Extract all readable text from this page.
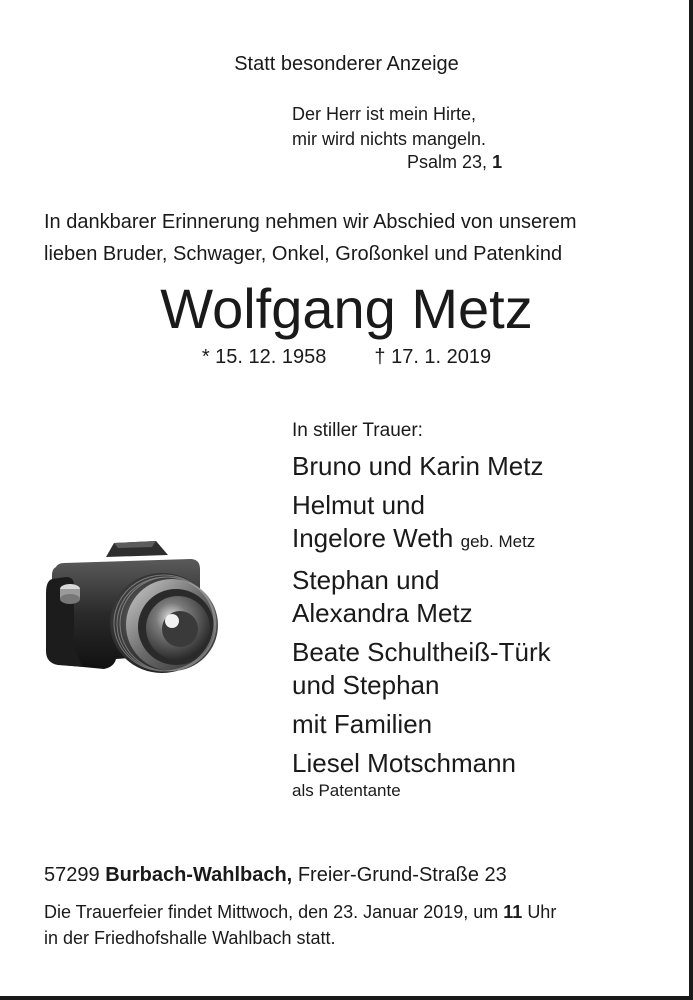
Statt besonderer Anzeige
Der Herr ist mein Hirte,
mir wird nichts mangeln.
Psalm 23, 1
In dankbarer Erinnerung nehmen wir Abschied von unserem
lieben Bruder, Schwager, Onkel, Großonkel und Patenkind
Wolfgang Metz
* 15. 12. 1958 † 17. 1. 2019
In stiller Trauer:
Bruno und Karin Metz
Helmut und
Ingelore Weth geb. Metz
Stephan und
Alexandra Metz
Beate Schultheiß-Türk
und Stephan
mit Familien
Liesel Motschmann
als Patentante
57299 Burbach-Wahlbach, Freier-Grund-Straße 23
Die Trauerfeier findet Mittwoch, den 23. Januar 2019, um 11 Uhr
in der Friedhofshalle Wahlbach statt.
